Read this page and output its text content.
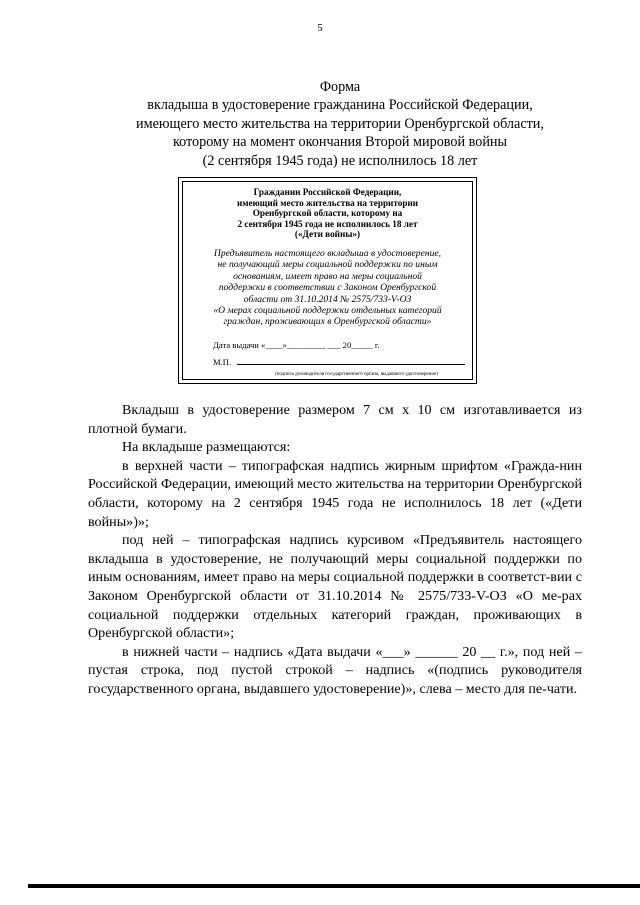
5
Форма
вкладыша в удостоверение гражданина Российской Федерации,
имеющего место жительства на территории Оренбургской области,
которому на момент окончания Второй мировой войны
(2 сентября 1945 года) не исполнилось 18 лет
Гражданин Российской Федерации,
имеющий место жительства на территории
Оренбургской области, которому на
2 сентября 1945 года не исполнилось 18 лет
(«Дети войны»)
Предъявитель настоящего вкладыша в удостоверение,
не получающий меры социальной поддержки по иным
основаниям, имеет право на меры социальной
поддержки в соответствии с Законом Оренбургской
области от 31.10.2014 № 2575/733-V-ОЗ
«О мерах социальной поддержки отдельных категорий
граждан, проживающих в Оренбургской области»
Дата выдачи «____»_________ ___ 20_____ г.
М.П.
(подпись руководителя государственного органа, выдавшего удостоверение)

Вкладыш в удостоверение размером 7 см х 10 см изготавливается из плотной бумаги.

На вкладыше размещаются:

в верхней части – типографская надпись жирным шрифтом «Граждa-нин Российской Федерации, имеющий место жительства на территории Оренбургской области, которому на 2 сентября 1945 года не исполнилось 18 лет («Дети войны»)»;

под ней – типографская надпись курсивом «Предъявитель настоящего вкладыша в удостоверение, не получающий меры социальной поддержки по иным основаниям, имеет право на меры социальной поддержки в соответст-вии с Законом Оренбургской области от 31.10.2014 № 2575/733-V-ОЗ «О ме-рах социальной поддержки отдельных категорий граждан, проживающих в Оренбургской области»;

в нижней части – надпись «Дата выдачи «___» ______ 20 __ г.», под ней – пустая строка, под пустой строкой – надпись «(подпись руководителя государственного органа, выдавшего удостоверение)», слева – место для пе-чати.
